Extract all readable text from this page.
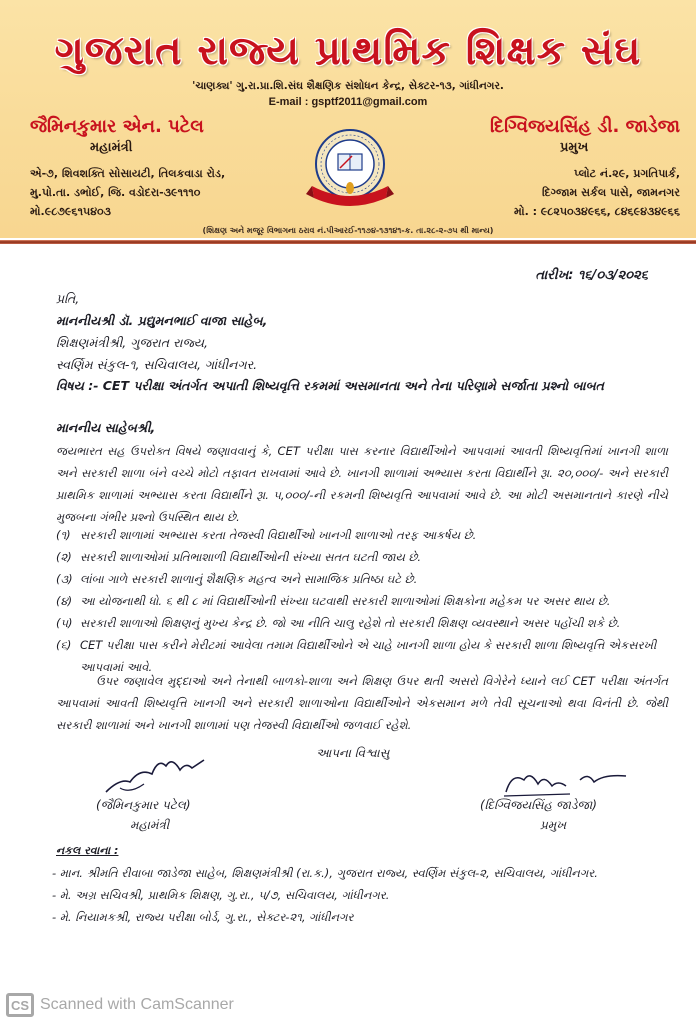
ગુજરાત રાજ્ય પ્રાથમિક શિક્ષક સંઘ
'ચાણક્ય' ગુ.રા.પ્રા.શિ.સંઘ શૈક્ષણિક સંશોધન કેન્દ્ર, સેક્ટર-૧૩, ગાંધીનગર.
E-mail : gsptf2011@gmail.com
જૈમિનકુમાર એન. પટેલ
મહામંત્રી
એ-૭, શિવશક્તિ સોસાયટી, તિલકવાડા રોડ,
મુ.પો.તા. ડભોઈ, જિ. વડોદરા-૩૯૧૧૧૦
મો.૯૮૭૯૬૧૫૪૦૩
દિગ્વિજયસિંહ ડી. જાડેજા
પ્રમુખ
પ્લોટ નં.૨૯, પ્રગતિપાર્ક,
દિગ્જામ સર્કલ પાસે, જામનગર
મો. : ૯૮૨૫૦૩૪૯૬૬, ૮૪૬૯૪૩૪૯૬૬
(શિક્ષણ અને મજૂર વિભાગના ઠરાવ નં.પીઆરઈ-૧૧૭૪-૧૩૧૪૧-ક. તા.૨૮-૨-૭૫ થી માન્ય)
તારીખ: ૧૬/૦૩/૨૦૨૬
પ્રતિ,
માનનીયશ્રી ડૉ. પ્રદ્યુમનભાઈ વાજા સાહેબ,
શિક્ષણમંત્રીશ્રી, ગુજરાત રાજ્ય,
સ્વર્ણિમ સંકુલ-૧, સચિવાલય, ગાંધીનગર.
વિષય :- CET પરીક્ષા અંતર્ગત અપાતી શિષ્યવૃત્તિ રકમમાં અસમાનતા અને તેના પરિણામે સર્જાતા પ્રશ્નો બાબત
માનનીય સાહેબશ્રી,
જયભારત સહ ઉપરોક્ત વિષયે જણાવવાનું કે, CET પરીક્ષા પાસ કરનાર વિદ્યાર્થીઓને આપવામાં આવતી શિષ્યવૃત્તિમાં ખાનગી શાળા અને સરકારી શાળા બંને વચ્ચે મોટો તફાવત રાખવામાં આવે છે. ખાનગી શાળામાં અભ્યાસ કરતા વિદ્યાર્થીને રૂા. ૨૦,૦૦૦/- અને સરકારી પ્રાથમિક શાળામાં અભ્યાસ કરતા વિદ્યાર્થીને રૂા. ૫,૦૦૦/-ની રકમની શિષ્યવૃત્તિ આપવામાં આવે છે. આ મોટી અસમાનતાને કારણે નીચે મુજબના ગંભીર પ્રશ્નો ઉપસ્થિત થાય છે.
(૧) સરકારી શાળામાં અભ્યાસ કરતા તેજસ્વી વિદ્યાર્થીઓ ખાનગી શાળાઓ તરફ આકર્ષય છે.
(૨) સરકારી શાળાઓમાં પ્રતિભાશાળી વિદ્યાર્થીઓની સંખ્યા સતત ઘટતી જાય છે.
(૩) લાંબા ગાળે સરકારી શાળાનું શૈક્ષણિક મહત્વ અને સામાજિક પ્રતિષ્ઠા ઘટે છે.
(૪) આ યોજનાથી ધો. ૬ થી ૮ માં વિદ્યાર્થીઓની સંખ્યા ઘટવાથી સરકારી શાળાઓમાં શિક્ષકોના મહેકમ પર અસર થાય છે.
(૫) સરકારી શાળાઓ શિક્ષણનું મુખ્ય કેન્દ્ર છે. જો આ નીતિ ચાલુ રહેશે તો સરકારી શિક્ષણ વ્યવસ્થાને અસર પહોંચી શકે છે.
(૬) CET પરીક્ષા પાસ કરીને મેરીટમાં આવેલા તમામ વિદ્યાર્થીઓને એ ચાહે ખાનગી શાળા હોય કે સરકારી શાળા શિષ્યવૃત્તિ એકસરખી આપવામાં આવે.
ઉપર જણાવેલ મુદ્દાઓ અને તેનાથી બાળકો-શાળા અને શિક્ષણ ઉપર થતી અસરો વિગેરેને ધ્યાને લઈ CET પરીક્ષા અંતર્ગત આપવામાં આવતી શિષ્યવૃત્તિ ખાનગી અને સરકારી શાળાઓના વિદ્યાર્થીઓને એકસમાન મળે તેવી સૂચનાઓ થવા વિનંતી છે. જેથી સરકારી શાળામાં અને ખાનગી શાળામાં પણ તેજસ્વી વિદ્યાર્થીઓ જળવાઈ રહેશે.
આપના વિશ્વાસુ
(જૈમિનકુમાર પટેલ)
મહામંત્રી
(દિગ્વિજયસિંહ જાડેજા)
પ્રમુખ
નકલ રવાના :
- માન. શ્રીમતિ રીવાબા જાડેજા સાહેબ, શિક્ષણમંત્રીશ્રી (રા.ક.), ગુજરાત રાજ્ય, સ્વર્ણિમ સંકુલ-૨, સચિવાલય, ગાંધીનગર.
- મે. અગ્ર સચિવશ્રી, પ્રાથમિક શિક્ષણ, ગુ.રા., ૫/૭, સચિવાલય, ગાંધીનગર.
- મે. નિયામકશ્રી, રાજ્ય પરીક્ષા બોર્ડ, ગુ.રા., સેક્ટર-૨૧, ગાંધીનગર
CS Scanned with CamScanner
